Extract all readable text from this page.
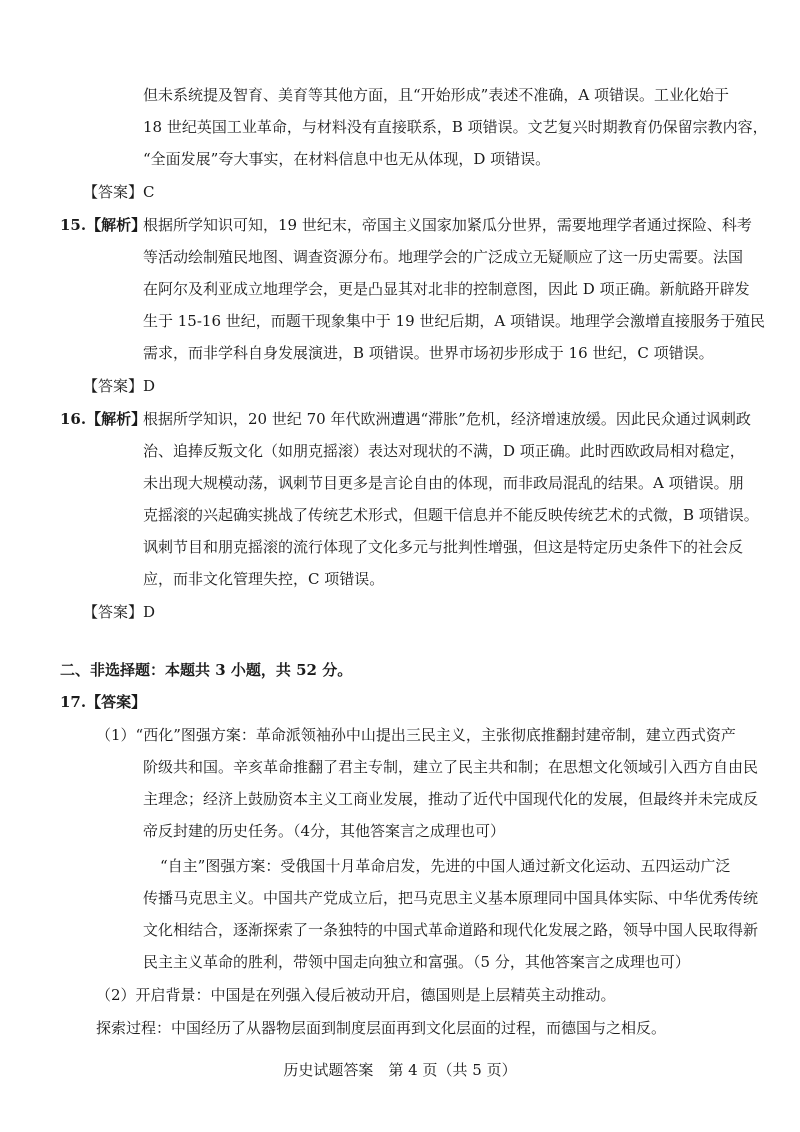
但未系统提及智育、美育等其他方面，且“开始形成”表述不准确，A 项错误。工业化始于
18 世纪英国工业革命，与材料没有直接联系，B 项错误。文艺复兴时期教育仍保留宗教内容，
“全面发展”夸大事实，在材料信息中也无从体现，D 项错误。
【答案】C
15.【解析】
根据所学知识可知，19 世纪末，帝国主义国家加紧瓜分世界，需要地理学者通过探险、科考
等活动绘制殖民地图、调查资源分布。地理学会的广泛成立无疑顺应了这一历史需要。法国
在阿尔及利亚成立地理学会，更是凸显其对北非的控制意图，因此 D 项正确。新航路开辟发
生于 15-16 世纪，而题干现象集中于 19 世纪后期，A 项错误。地理学会激增直接服务于殖民
需求，而非学科自身发展演进，B 项错误。世界市场初步形成于 16 世纪，C 项错误。
【答案】D
16.【解析】
根据所学知识，20 世纪 70 年代欧洲遭遇“滞胀”危机，经济增速放缓。因此民众通过讽刺政
治、追捧反叛文化（如朋克摇滚）表达对现状的不满，D 项正确。此时西欧政局相对稳定，
未出现大规模动荡，讽刺节目更多是言论自由的体现，而非政局混乱的结果。A 项错误。朋
克摇滚的兴起确实挑战了传统艺术形式，但题干信息并不能反映传统艺术的式微，B 项错误。
讽刺节目和朋克摇滚的流行体现了文化多元与批判性增强，但这是特定历史条件下的社会反
应，而非文化管理失控，C 项错误。
【答案】D
二、非选择题：本题共 3 小题，共 52 分。
17.【答案】
（1）“西化”图强方案：革命派领袖孙中山提出三民主义，主张彻底推翻封建帝制，建立西式资产
阶级共和国。辛亥革命推翻了君主专制，建立了民主共和制；在思想文化领域引入西方自由民
主理念；经济上鼓励资本主义工商业发展，推动了近代中国现代化的发展，但最终并未完成反
帝反封建的历史任务。（4分，其他答案言之成理也可）
“自主”图强方案：受俄国十月革命启发，先进的中国人通过新文化运动、五四运动广泛
传播马克思主义。中国共产党成立后，把马克思主义基本原理同中国具体实际、中华优秀传统
文化相结合，逐渐探索了一条独特的中国式革命道路和现代化发展之路，领导中国人民取得新
民主主义革命的胜利，带领中国走向独立和富强。（5 分，其他答案言之成理也可）
（2）开启背景：中国是在列强入侵后被动开启，德国则是上层精英主动推动。
探索过程：中国经历了从器物层面到制度层面再到文化层面的过程，而德国与之相反。
历史试题答案　第 4 页（共 5 页）
